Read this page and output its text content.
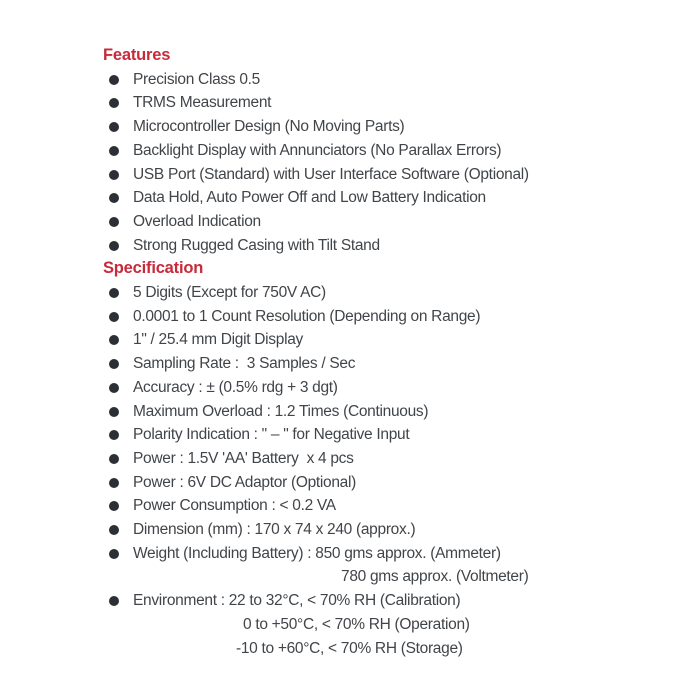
Features
Precision Class 0.5
TRMS Measurement
Microcontroller Design (No Moving Parts)
Backlight Display with Annunciators (No Parallax Errors)
USB Port (Standard) with User Interface Software (Optional)
Data Hold, Auto Power Off and Low Battery Indication
Overload Indication
Strong Rugged Casing with Tilt Stand
Specification
5 Digits (Except for 750V AC)
0.0001 to 1 Count Resolution (Depending on Range)
1" / 25.4 mm Digit Display
Sampling Rate :  3 Samples / Sec
Accuracy : ± (0.5% rdg + 3 dgt)
Maximum Overload : 1.2 Times (Continuous)
Polarity Indication : " – " for Negative Input
Power : 1.5V 'AA' Battery  x 4 pcs
Power : 6V DC Adaptor (Optional)
Power Consumption : < 0.2 VA
Dimension (mm) : 170 x 74 x 240 (approx.)
Weight (Including Battery) : 850 gms approx. (Ammeter)
780 gms approx. (Voltmeter)
Environment : 22 to 32°C, < 70% RH (Calibration)
0 to +50°C, < 70% RH (Operation)
-10 to +60°C, < 70% RH (Storage)
